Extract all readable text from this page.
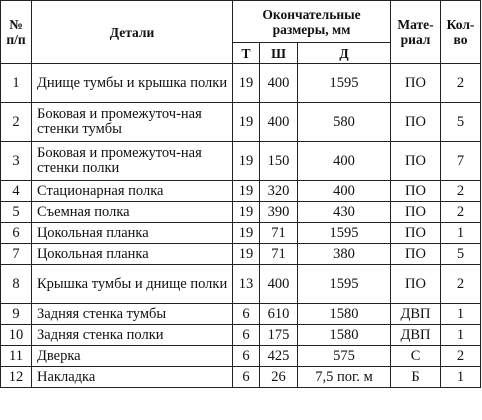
№ п/п	Детали	Окончательные размеры, мм			Мате-риал	Кол-во
		Т	Ш	Д		
1	Днище тумбы и крышка полки	19	400	1595	ПО	2
2	Боковая и промежуточ-ная стенки тумбы	19	400	580	ПО	5
3	Боковая и промежуточ-ная стенки полки	19	150	400	ПО	7
4	Стационарная полка	19	320	400	ПО	2
5	Съемная полка	19	390	430	ПО	2
6	Цокольная планка	19	71	1595	ПО	1
7	Цокольная планка	19	71	380	ПО	5
8	Крышка тумбы и днище полки	13	400	1595	ПО	2
9	Задняя стенка тумбы	6	610	1580	ДВП	1
10	Задняя стенка полки	6	175	1580	ДВП	1
11	Дверка	6	425	575	С	2
12	Накладка	6	26	7,5 пог. м	Б	1
